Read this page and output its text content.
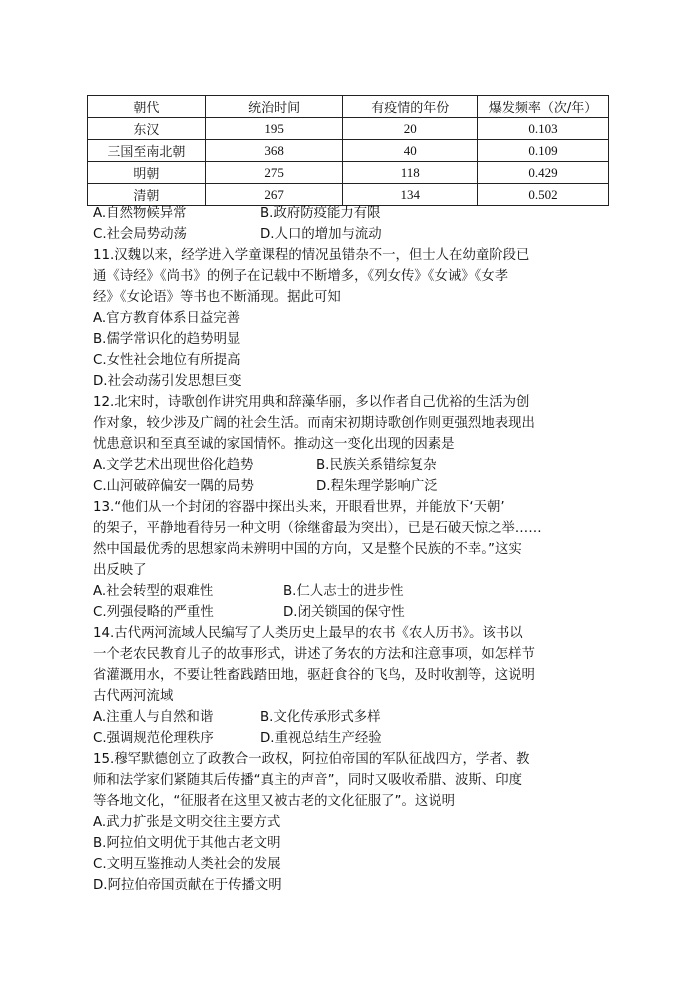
朝代	统治时间	有疫情的年份	爆发频率（次/年）
东汉	195	20	0.103
三国至南北朝	368	40	0.109
明朝	275	118	0.429
清朝	267	134	0.502
A.自然物候异常	B.政府防疫能力有限
C.社会局势动荡	D.人口的增加与流动
11.汉魏以来，经学进入学童课程的情况虽错杂不一，但士人在幼童阶段已
通《诗经》《尚书》的例子在记载中不断增多，《列女传》《女诫》《女孝
经》《女论语》等书也不断涌现。据此可知
A.官方教育体系日益完善
B.儒学常识化的趋势明显
C.女性社会地位有所提高
D.社会动荡引发思想巨变
12.北宋时，诗歌创作讲究用典和辞藻华丽，多以作者自己优裕的生活为创
作对象，较少涉及广阔的社会生活。而南宋初期诗歌创作则更强烈地表现出
忧患意识和至真至诚的家国情怀。推动这一变化出现的因素是
A.文学艺术出现世俗化趋势	B.民族关系错综复杂
C.山河破碎偏安一隅的局势	D.程朱理学影响广泛
13.“他们从一个封闭的容器中探出头来，开眼看世界，并能放下‘天朝’
的架子，平静地看待另一种文明（徐继畬最为突出），已是石破天惊之举……
然中国最优秀的思想家尚未辨明中国的方向，又是整个民族的不幸。”这实
出反映了
A.社会转型的艰难性	B.仁人志士的进步性
C.列强侵略的严重性	D.闭关锁国的保守性
14.古代两河流域人民编写了人类历史上最早的农书《农人历书》。该书以
一个老农民教育儿子的故事形式，讲述了务农的方法和注意事项，如怎样节
省灌溉用水，不要让牲畜践踏田地，驱赶食谷的飞鸟，及时收割等，这说明
古代两河流域
A.注重人与自然和谐	B.文化传承形式多样
C.强调规范伦理秩序	D.重视总结生产经验
15.穆罕默德创立了政教合一政权，阿拉伯帝国的军队征战四方，学者、教
师和法学家们紧随其后传播“真主的声音”，同时又吸收希腊、波斯、印度
等各地文化，“征服者在这里又被古老的文化征服了”。这说明
A.武力扩张是文明交往主要方式
B.阿拉伯文明优于其他古老文明
C.文明互鉴推动人类社会的发展
D.阿拉伯帝国贡献在于传播文明
